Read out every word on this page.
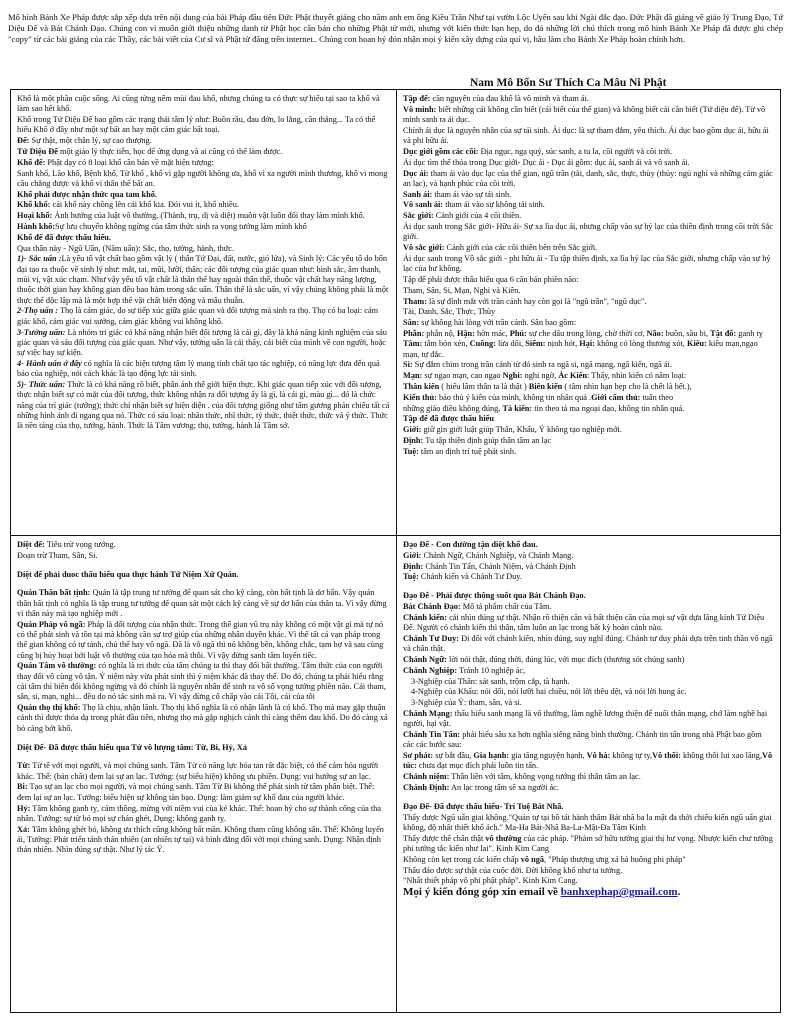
Mô hình Bánh Xe Pháp được sắp xếp dựa trên nội dung của bài Pháp đầu tiên Đức Phật thuyết giảng cho năm anh em ông Kiều Trần Như tại vườn Lộc Uyển sau khi Ngài đắc đạo. Đức Phật đã giảng về giáo lý Trung Đạo, Tứ Diệu Đế và Bát Chánh Đạo. Chúng con vì muốn giới thiệu những danh từ Phật học căn bản cho những Phật tử mới, nhưng với kiến thức hạn hẹp, do đó những lời chú thích trong mô hình Bánh Xe Pháp đã được ghi chép "copy" từ các bài giảng của các Thầy, các bài viết của Cư sĩ và Phật tử đăng trên internet.. Chúng con hoan hỷ đón nhận mọi ý kiến xây dựng của quí vị, hầu làm cho Bánh Xe Pháp hoàn chỉnh hơn.
Nam Mô Bổn Sư Thích Ca Mâu Ni Phật

Khổ là một phần cuộc sống. Ai cũng từng nếm mùi đau khổ, nhưng chúng ta có thực sự hiểu tại sao ta khổ và làm sao hết khổ.

Khổ trong Tứ Diệu Đế bao gồm các trạng thái tâm lý như: Buồn rầu, đau đớn, lo lắng, căn thẳng... Ta có thể hiểu Khổ ở đây như một sự bất an hay một cảm giác bất toại.

Đế: Sự thật, một chân lý, sự cao thượng.

Tứ Diệu Đế một giáo lý thực tiễn, học để ứng dụng và ai cũng có thể làm được.

Khổ đế: Phật dạy có 8 loại khổ căn bản về mặt hiện tượng:

Sanh khổ, Lão khổ, Bệnh khổ, Tử khổ , khổ vì gặp người không ưa, khổ vì xa người mình thương, khổ vì mong cầu chẳng được và khổ vì thân thể bất an.

Khổ phải được nhận thức qua tam khổ.

Khổ khổ: cái khổ này chồng lên cái khổ kia. Đói vui ít, khổ nhiều.

Hoại khổ: Ảnh hưởng của luật vô thường, (Thành, trụ, dị và diệt) muôn vật luôn đổi thay làm mình khổ.

Hành khổ:Sự lưu chuyển không ngừng của tâm thức sinh ra vọng tưởng làm mình khổ

Khổ đế đã được thấu hiểu.

Qua thân này - Ngũ Uẩn, (Năm uẩn): Sắc, thọ, tưởng, hành, thức.

1)- Sắc uẩn :Là yếu tố vật chất bao gồm vật lý ( thân Tứ Đại, đất, nước, gió lửa), và Sinh lý: Các yếu tố do bốn đại tạo ra thuộc về sinh lý như: mắt, tai, mũi, lưỡi, thân; các đối tượng của giác quan như: hình sắc, âm thanh, mùi vị, vật xúc chạm. Như vậy yếu tố vật chất là thân thể hay ngoài thân thể, thuộc vật chất hay năng lượng, thuộc thời gian hay không gian đều bao hàm trong sắc uẩn. Thân thể là sắc uẩn, vì vậy chúng không phải là một thực thể độc lập mà là một hợp thể vật chất biến động và mâu thuẫn.

2-Thọ uẩn : Thọ là cảm giác, do sự tiếp xúc giữa giác quan và đối tượng mà sinh ra thọ. Thọ có ba loại: cảm giác khổ, cảm giác vui sướng, cảm giác không vui không khổ.

3-Tưởng uẩn: Là nhóm tri giác có khả năng nhận biết đối tượng là cái gì, đây là khả năng kinh nghiệm của sáu giác quan và sáu đối tượng của giác quan. Như vậy, tưởng uẩn là cái thấy, cái biết của mình về con người, hoặc sự việc hay sự kiện.

4- Hành uẩn ở đây có nghĩa là các hiện tượng tâm lý mang tính chất tạo tác nghiệp, có năng lực đưa đến quả báo của nghiệp, nói cách khác là tạo động lực tái sinh.

5)- Thức uẩn: Thức là có khả năng rõ biết, phân ánh thế giới hiện thực. Khi giác quan tiếp xúc với đối tượng, thực nhận biết sự có mặt của đối tượng, thức không nhận ra đối tượng ấy là gì, là cái gì, màu gì... đó là chức năng của trí giác (tưởng); thức chỉ nhận biết sự hiện diện . của đối tượng giống như tấm gương phản chiếu tất cả những hình ảnh đi ngang qua nó. Thức có sáu loại: nhãn thức, nhĩ thức, tỷ thức, thiệt thức, thức và ý thức. Thức là nền tảng của thọ, tưởng, hành. Thức là Tâm vương; thọ, tưởng, hành là Tâm sở.

Tập đế: căn nguyên của đau khổ là vô minh và tham ái.

Vô minh: biết những cái không cần biết (cái biết của thế gian) và không biết cái cần biết (Tứ diệu đế). Từ vô minh sanh ra ái dục.

Chính ái dục là nguyên nhân của sự tái sinh. Ái dục: là sự tham đắm, yêu thích. Ái dục bao gồm dục ái, hữu ái và phi hữu ái.

Dục giới gồm các cõi: Địa ngục, ngạ quỷ, súc sanh, a tu la, cõi người và cõi trời.

Ái dục tìm thể thỏa trong Dục giới- Dục ái - Dục ái gồm: dục ái, sanh ái và vô sanh ái.

Dục ái: tham ái vào dục lạc của thế gian, ngũ trần (tài, danh, sắc, thực, thùy (thùy: ngủ nghỉ và những cảm giác an lạc), và hạnh phúc của cõi trời.

Sanh ái: tham ái vào sự tái sinh.

Vô sanh ái: tham ái vào sự không tái sinh.

Sắc giới: Cảnh giới của 4 cõi thiền.

Ái dục sanh trong Sắc giới- Hữu ái- Sự xa lìa dục ái, nhưng chấp vào sự hỷ lạc của thiền định trong cõi trời Sắc giới.

Vô sắc giới: Cảnh giới của các cõi thiền bên trên Sắc giới.

Ái dục sanh trong Vô sắc giới - phi hữu ái - Tu tập thiền định, xa lìa hỷ lạc của Sắc giới, nhưng chấp vào sự hỷ lạc của hư không.

Tập đế phải được thấu hiểu qua 6 căn bản phiền não:

Tham, Sân, Si, Mạn, Nghi và Kiến.

Tham: là sự đính mắt với trần cảnh hay còn gọi là "ngũ trần", "ngũ dục".

Tài, Danh, Sắc, Thực, Thùy

Sân: sự không hài lòng với trần cảnh. Sân bao gồm:

Phẫn: phẫn nộ, Hận: hờn mác, Phú: sự che dấu trong lòng, chờ thời cơ, Não: buồn, sầu bi, Tật đố: ganh tỵ Tâm: tâm bỏn xẻn, Cuống: lừa dối, Siểm: nịnh hót, Hại: không có lòng thương xót, Kiêu: kiêu mạn,ngạo mạn, tự đắc.

Si: Sự đắm chìm trong trần cảnh từ đó sinh ra ngã si, ngã mạng, ngã kiến, ngã ái.

Mạn: sự ngạo mạn, cao ngạo Nghi: nghi ngờ, Ác Kiến: Thấy, nhìn kiến có năm loại:

Thân kiến ( hiểu lầm thân ta là thật ) Biên kiến ( tâm nhìn hạn hẹp cho là chết là hết.),

Kiến thủ: bảo thủ ý kiến của mình, không tin nhân quả .Giới cấm thủ: tuân theo

những giáo điều không đúng, Tà kiến: tin theo tà ma ngoại đạo, không tin nhân quả.

Tập đế đã được thấu hiểu

Giới: giữ gìn giới luật giúp Thân, Khẩu, Ý không tạo nghiệp mới.

Định: Tu tập thiền định giúp thân tâm an lạc

Tuệ: tâm an định trí tuệ phát sinh.

Diệt đế: Tiêu trừ vọng tưởng.

Đoạn trừ Tham, Sân, Si.

Diệt đế phải duoc thấu hiểu qua thực hành Tứ Niệm Xứ Quán.

Quán Thân bất tịnh: Quán là tập trung tư tưởng để quan sát cho kỹ càng, còn bất tịnh là dơ bẩn. Vậy quán thân bất tịnh có nghĩa là tập trung tư tưởng để quan sát một cách kỹ càng về sự dơ bẩn của thân ta. Vì vậy đừng vì thân này mà tạo nghiệp mới .

Quán Pháp vô ngã: Pháp là đối tượng của nhận thức. Trong thế gian vũ trụ này không có một vật gì mà tự nó có thể phát sinh và tồn tại mà không cần sự trợ giúp của những nhân duyên khác. Vì thế tất cả vạn pháp trong thế gian không có tự tánh, chủ thể hay vô ngã. Đã là vô ngã thì nó không bền, không chắc, tạm bợ và sau cùng cũng bị hủy hoại bởi luật vô thường của tạo hóa mà thôi. Vì vậy đừng sanh tâm luyến tiếc.

Quán Tâm vô thường: có nghĩa là tri thức của tâm chúng ta thì thay đổi bất thường. Tâm thức của con người thay đổi vô cùng vô tận. Ý niệm này vừa phát sinh thì ý niệm khác đã thay thế. Do đó, chúng ta phải hiểu rằng cái tâm thì biến đổi không ngừng và đó chính là nguyên nhân để sinh ra vô số vọng tưởng phiền não. Cái tham, sân, si, mạn, nghi... đều do nó tác sinh mà ra. Vì vậy đừng cố chấp vào cái Tôi, cái của tôi

Quán thọ thị khổ: Thọ là chịu, nhận lãnh. Thọ thị khổ nghĩa là có nhận lãnh là có khổ. Thọ mà may gặp thuận cảnh thì được thỏa dạ trong phát đầu tiên, nhưng thọ mà gặp nghịch cảnh thì càng thêm đau khổ. Do đó càng xả bỏ càng bớt khổ.

Diệt Đế- Đã được thấu hiểu qua Tứ vô lượng tâm: Từ, Bi, Hỷ, Xả

Từ: Từ tế với mọi người, và mọi chúng sanh. Tâm Từ có năng lực hóa tan rất đặc biệt, có thể cảm hóa người khác. Thể: (bản chất) đem lại sự an lạc. Tướng: (sự biểu hiện) không ưu phiền. Dụng: vui hướng sự an lạc.

Bi: Tạo sự an lạc cho mọi người, và mọi chúng sanh. Tâm Từ Bi không thể phát sinh từ tâm phân biệt. Thể: đem lại sự an lạc. Tướng: biểu hiện sự không tàn bạo. Dụng: làm giảm sự khổ đau của người khác.

Hỷ: Tâm không ganh tỵ, cảm thông, mừng với niềm vui của kẻ khác. Thể: hoan hỷ cho sự thành công của tha nhân. Tướng: sự từ bỏ mọi sự chán ghét, Dụng: không ganh tỵ.

Xả: Tâm không ghét bỏ, không ưa thích cũng không bất mãn. Không tham cũng không sân. Thể: Không luyến ái, Tướng: Phát triển tánh thản nhiên (an nhiên tự tại) và bình đẳng đối với mọi chúng sanh. Dụng: Nhận định thản nhiên. Nhìn đúng sự thật. Như lý tác Ý.

Đạo Đế - Con đường tận diệt khổ đau.

Giới: Chánh Ngữ, Chánh Nghiệp, và Chánh Mạng.

Định: Chánh Tin Tấn, Chánh Niệm, và Chánh Định

Tuệ: Chánh kiến và Chánh Tư Duy.

Đạo Đế - Phải được thông suốt qua Bát Chánh Đạo.

Bát Chánh Đạo: Mô tả phẩm chất của Tâm.

Chánh kiến: cái nhìn đúng sự thật. Nhận rõ thiện căn và bất thiện căn của mọi sự vật dựa lăng kính Tứ Diệu Đế. Người có chánh kiến thì thân, tâm luôn an lạc trong bất kỳ hoàn cảnh nào.

Chánh Tư Duy: Đi đôi với chánh kiến, nhìn đúng, suy nghĩ đúng. Chánh tư duy phải dựa trên tinh thần vô ngã và chân thật.

Chánh Ngữ: lời nói thật, đúng thời, đúng lúc, với mục đích (thương sót chúng sanh)

Chánh Nghiệp: Tránh 10 nghiệp ác,

3-Nghiệp của Thân: sát sanh, trộm cắp, tà hạnh.

4-Nghiệp của Khẩu: nói dối, nói lưỡi hai chiều, nói lời thêu dệt, và nói lời hung ác.

3-Nghiệp của Ý: tham, sân, và si.

Chánh Mạng: thấu hiểu sanh mạng là vô thường, làm nghề lương thiện để nuôi thân mạng, chớ làm nghề hại người, hại vật.

Chánh Tin Tấn: phải hiểu sâu xa hơn nghĩa siêng năng bình thường. Chánh tin tấn trong nhà Phật bao gồm các các bước sau:

Sơ phát: sự bắt đầu, Gia hạnh: gia tăng nguyện hạnh, Vô hà: không tự ty,Vô thối: không thối lui xao lãng,Vô túc: chưa đạt mục đích phải luôn tin tấn.

Chánh niệm: Thân liền với tâm, không vọng tưởng thì thân tâm an lạc.

Chánh Định: An lạc trong tâm sẽ xa người ác.

Đạo Đế- Đã được thấu hiểu- Trí Tuệ Bát Nhã.

Thấy được Ngũ uẩn giai không."Quán tự tại bồ tát hành thâm Bát nhã ba la mật đa thời chiếu kiến ngũ uẩn giai không, độ nhất thiết khổ ách." Ma-Ha Bát-Nhã Ba-La-Mật-Đa Tâm Kinh

Thấy được thể chân thật vô thường của các pháp. "Phàm sở hữu tướng giai thị hư vọng. Nhược kiến chư tướng phi tướng tắc kiến như lai". Kinh Kim Cang

Không còn kẹt trong các kiến chấp vô ngã, "Pháp thượng ưng xả hà huống phi pháp"

Thấu đáo được sự thật của cuộc đời. Đời không khổ như ta tưởng.

"Nhất thiết pháp vô phi phật pháp". Kinh Kim Cang.

Mọi ý kiến đóng góp xin email về banhxephap@gmail.com.
